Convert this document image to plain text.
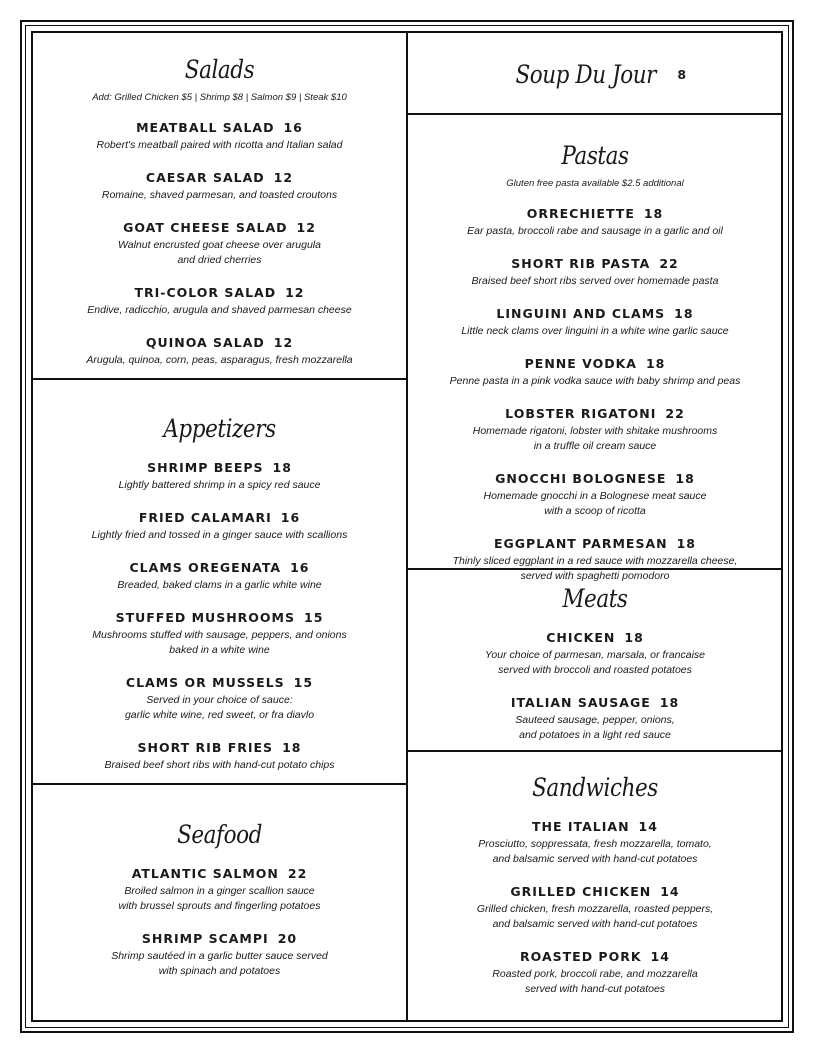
Salads
Add: Grilled Chicken $5 | Shrimp $8 | Salmon $9 | Steak $10
MEATBALL SALAD 16
Robert's meatball paired with ricotta and Italian salad
CAESAR SALAD 12
Romaine, shaved parmesan, and toasted croutons
GOAT CHEESE SALAD 12
Walnut encrusted goat cheese over arugula
and dried cherries
TRI-COLOR SALAD 12
Endive, radicchio, arugula and shaved parmesan cheese
QUINOA SALAD 12
Arugula, quinoa, corn, peas, asparagus, fresh mozzarella
Appetizers
SHRIMP BEEPS 18
Lightly battered shrimp in a spicy red sauce
FRIED CALAMARI 16
Lightly fried and tossed in a ginger sauce with scallions
CLAMS OREGENATA 16
Breaded, baked clams in a garlic white wine
STUFFED MUSHROOMS 15
Mushrooms stuffed with sausage, peppers, and onions
baked in a white wine
CLAMS OR MUSSELS 15
Served in your choice of sauce:
garlic white wine, red sweet, or fra diavlo
SHORT RIB FRIES 18
Braised beef short ribs with hand-cut potato chips
Seafood
ATLANTIC SALMON 22
Broiled salmon in a ginger scallion sauce
with brussel sprouts and fingerling potatoes
SHRIMP SCAMPI 20
Shrimp sautéed in a garlic butter sauce served
with spinach and potatoes
Soup Du Jour 8
Pastas
Gluten free pasta available $2.5 additional
ORRECHIETTE 18
Ear pasta, broccoli rabe and sausage in a garlic and oil
SHORT RIB PASTA 22
Braised beef short ribs served over homemade pasta
LINGUINI AND CLAMS 18
Little neck clams over linguini in a white wine garlic sauce
PENNE VODKA 18
Penne pasta in a pink vodka sauce with baby shrimp and peas
LOBSTER RIGATONI 22
Homemade rigatoni, lobster with shitake mushrooms
in a truffle oil cream sauce
GNOCCHI BOLOGNESE 18
Homemade gnocchi in a Bolognese meat sauce
with a scoop of ricotta
EGGPLANT PARMESAN 18
Thinly sliced eggplant in a red sauce with mozzarella cheese,
served with spaghetti pomodoro
Meats
CHICKEN 18
Your choice of parmesan, marsala, or francaise
served with broccoli and roasted potatoes
ITALIAN SAUSAGE 18
Sauteed sausage, pepper, onions,
and potatoes in a light red sauce
Sandwiches
THE ITALIAN 14
Prosciutto, soppressata, fresh mozzarella, tomato,
and balsamic served with hand-cut potatoes
GRILLED CHICKEN 14
Grilled chicken, fresh mozzarella, roasted peppers,
and balsamic served with hand-cut potatoes
ROASTED PORK 14
Roasted pork, broccoli rabe, and mozzarella
served with hand-cut potatoes
